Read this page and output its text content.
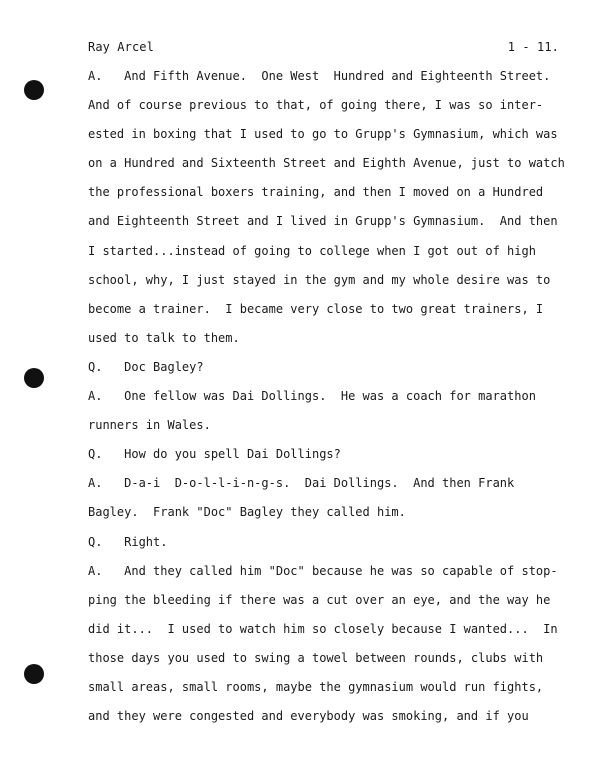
Ray Arcel	1 - 11.
A.   And Fifth Avenue.  One West  Hundred and Eighteenth Street.
And of course previous to that, of going there, I was so inter-
ested in boxing that I used to go to Grupp's Gymnasium, which was
on a Hundred and Sixteenth Street and Eighth Avenue, just to watch
the professional boxers training, and then I moved on a Hundred
and Eighteenth Street and I lived in Grupp's Gymnasium.  And then
I started...instead of going to college when I got out of high
school, why, I just stayed in the gym and my whole desire was to
become a trainer.  I became very close to two great trainers, I
used to talk to them.
Q.   Doc Bagley?
A.   One fellow was Dai Dollings.  He was a coach for marathon
runners in Wales.
Q.   How do you spell Dai Dollings?
A.   D-a-i  D-o-l-l-i-n-g-s.  Dai Dollings.  And then Frank
Bagley.  Frank "Doc" Bagley they called him.
Q.   Right.
A.   And they called him "Doc" because he was so capable of stop-
ping the bleeding if there was a cut over an eye, and the way he
did it...  I used to watch him so closely because I wanted...  In
those days you used to swing a towel between rounds, clubs with
small areas, small rooms, maybe the gymnasium would run fights,
and they were congested and everybody was smoking, and if you
